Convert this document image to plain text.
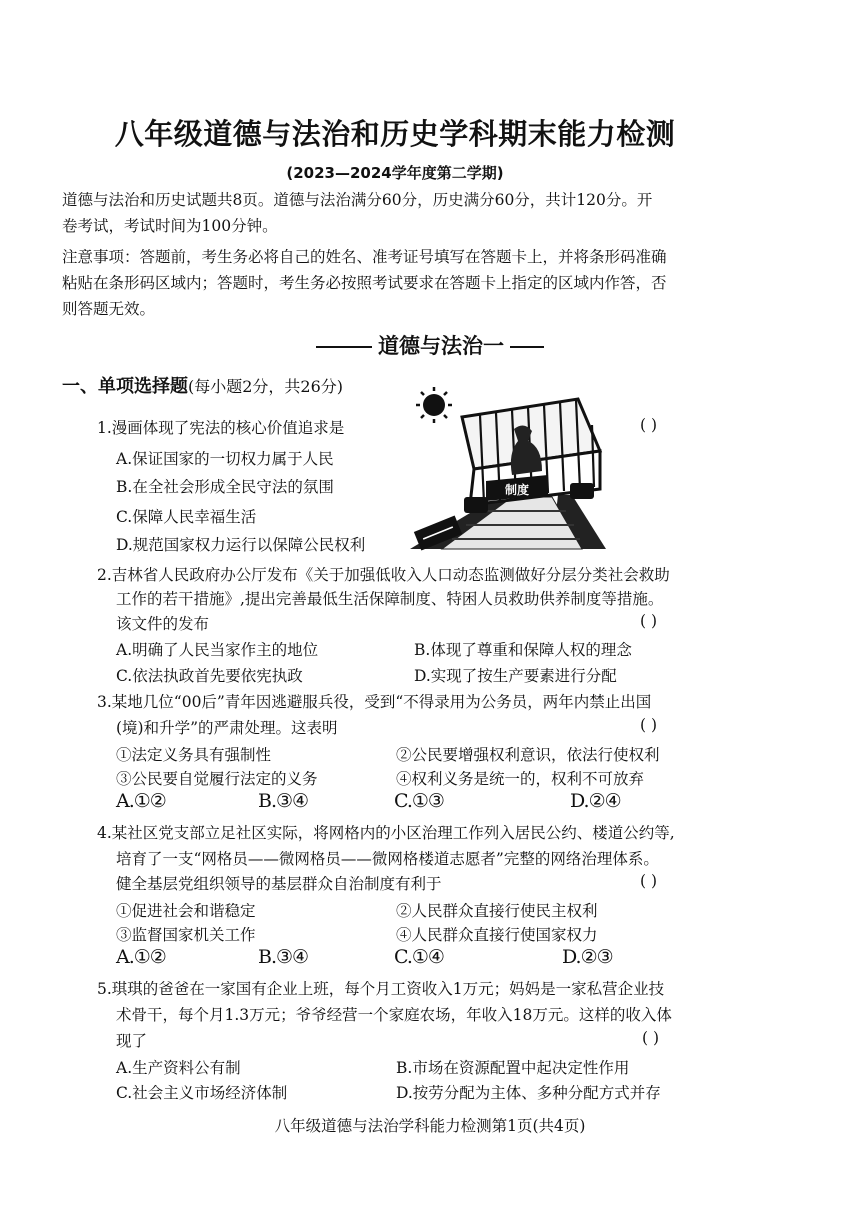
八年级道德与法治和历史学科期末能力检测
(2023—2024学年度第二学期)
道德与法治和历史试题共8页。道德与法治满分60分，历史满分60分，共计120分。开
卷考试，考试时间为100分钟。
注意事项：答题前，考生务必将自己的姓名、准考证号填写在答题卡上，并将条形码准确
粘贴在条形码区域内；答题时，考生务必按照考试要求在答题卡上指定的区域内作答，否
则答题无效。
道德与法治一
一、单项选择题(每小题2分，共26分)
制度
1.漫画体现了宪法的核心价值追求是	( )
A.保证国家的一切权力属于人民
B.在全社会形成全民守法的氛围
C.保障人民幸福生活
D.规范国家权力运行以保障公民权利
2.吉林省人民政府办公厅发布《关于加强低收入人口动态监测做好分层分类社会救助
工作的若干措施》,提出完善最低生活保障制度、特困人员救助供养制度等措施。
该文件的发布	( )
A.明确了人民当家作主的地位	B.体现了尊重和保障人权的理念
C.依法执政首先要依宪执政	D.实现了按生产要素进行分配
3.某地几位“00后”青年因逃避服兵役，受到“不得录用为公务员，两年内禁止出国
(境)和升学”的严肃处理。这表明	( )
①法定义务具有强制性	②公民要增强权利意识，依法行使权利
③公民要自觉履行法定的义务	④权利义务是统一的，权利不可放弃
A.①②	B.③④	C.①③	D.②④
4.某社区党支部立足社区实际，将网格内的小区治理工作列入居民公约、楼道公约等,
培育了一支“网格员——微网格员——微网格楼道志愿者”完整的网络治理体系。
健全基层党组织领导的基层群众自治制度有利于	( )
①促进社会和谐稳定	②人民群众直接行使民主权利
③监督国家机关工作	④人民群众直接行使国家权力
A.①②	B.③④	C.①④	D.②③
5.琪琪的爸爸在一家国有企业上班，每个月工资收入1万元；妈妈是一家私营企业技
术骨干，每个月1.3万元；爷爷经营一个家庭农场，年收入18万元。这样的收入体
现了	( )
A.生产资料公有制	B.市场在资源配置中起决定性作用
C.社会主义市场经济体制	D.按劳分配为主体、多种分配方式并存
八年级道德与法治学科能力检测第1页(共4页)
